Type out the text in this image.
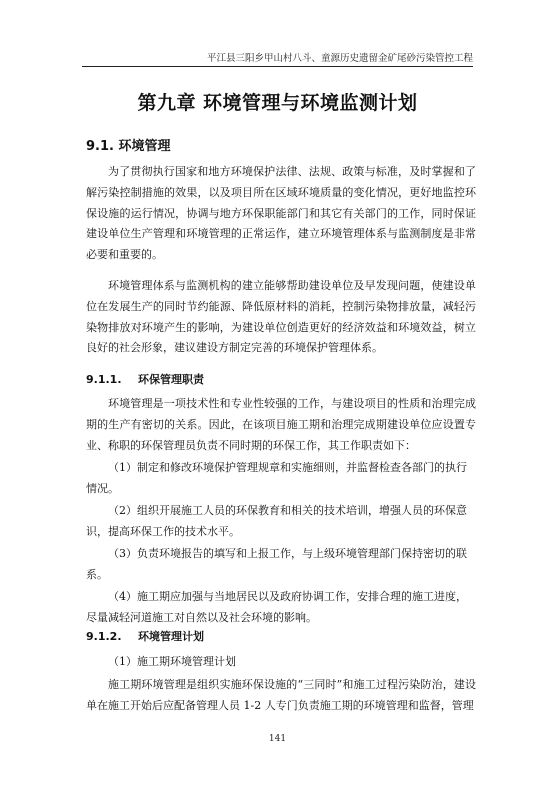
平江县三阳乡甲山村八斗、童源历史遗留金矿尾砂污染管控工程
第九章 环境管理与环境监测计划
9.1. 环境管理

为了贯彻执行国家和地方环境保护法律、法规、政策与标准，及时掌握和了解污染控制措施的效果，以及项目所在区域环境质量的变化情况，更好地监控环保设施的运行情况，协调与地方环保职能部门和其它有关部门的工作，同时保证建设单位生产管理和环境管理的正常运作，建立环境管理体系与监测制度是非常必要和重要的。

环境管理体系与监测机构的建立能够帮助建设单位及早发现问题，使建设单位在发展生产的同时节约能源、降低原材料的消耗，控制污染物排放量，减轻污染物排放对环境产生的影响，为建设单位创造更好的经济效益和环境效益，树立良好的社会形象，建议建设方制定完善的环境保护管理体系。

9.1.1. 环保管理职责

环境管理是一项技术性和专业性较强的工作，与建设项目的性质和治理完成期的生产有密切的关系。因此，在该项目施工期和治理完成期建设单位应设置专业、称职的环保管理员负责不同时期的环保工作，其工作职责如下：

（1）制定和修改环境保护管理规章和实施细则，并监督检查各部门的执行情况。

（2）组织开展施工人员的环保教育和相关的技术培训，增强人员的环保意识，提高环保工作的技术水平。

（3）负责环境报告的填写和上报工作，与上级环境管理部门保持密切的联系。

（4）施工期应加强与当地居民以及政府协调工作，安排合理的施工进度，尽量减轻河道施工对自然以及社会环境的影响。

9.1.2. 环境管理计划

（1）施工期环境管理计划

施工期环境管理是组织实施环保设施的“三同时”和施工过程污染防治，建设单在施工开始后应配备管理人员 1-2 人专门负责施工期的环境管理和监督，管理

141
